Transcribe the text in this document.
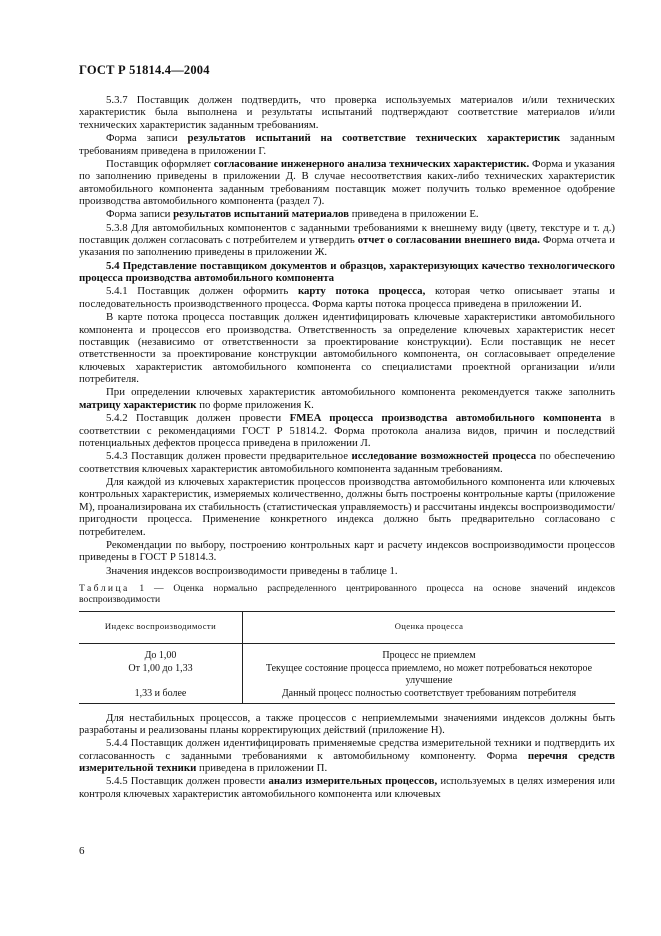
ГОСТ Р 51814.4—2004

5.3.7 Поставщик должен подтвердить, что проверка используемых материалов и/или технических характеристик была выполнена и результаты испытаний подтверждают соответствие материалов и/или технических характеристик заданным требованиям.

Форма записи результатов испытаний на соответствие технических характеристик заданным требованиям приведена в приложении Г.

Поставщик оформляет согласование инженерного анализа технических характеристик. Форма и указания по заполнению приведены в приложении Д. В случае несоответствия каких-либо технических характеристик автомобильного компонента заданным требованиям поставщик может получить только временное одобрение производства автомобильного компонента (раздел 7).

Форма записи результатов испытаний материалов приведена в приложении Е.

5.3.8 Для автомобильных компонентов с заданными требованиями к внешнему виду (цвету, текстуре и т. д.) поставщик должен согласовать с потребителем и утвердить отчет о согласовании внешнего вида. Форма отчета и указания по заполнению приведены в приложении Ж.

5.4 Представление поставщиком документов и образцов, характеризующих качество технологического процесса производства автомобильного компонента

5.4.1 Поставщик должен оформить карту потока процесса, которая четко описывает этапы и последовательность производственного процесса. Форма карты потока процесса приведена в приложении И.

В карте потока процесса поставщик должен идентифицировать ключевые характеристики автомобильного компонента и процессов его производства. Ответственность за определение ключевых характеристик несет поставщик (независимо от ответственности за проектирование конструкции). Если поставщик не несет ответственности за проектирование конструкции автомобильного компонента, он согласовывает определение ключевых характеристик автомобильного компонента со специалистами проектной организации и/или потребителя.

При определении ключевых характеристик автомобильного компонента рекомендуется также заполнить матрицу характеристик по форме приложения К.

5.4.2 Поставщик должен провести FMEA процесса производства автомобильного компонента в соответствии с рекомендациями ГОСТ Р 51814.2. Форма протокола анализа видов, причин и последствий потенциальных дефектов процесса приведена в приложении Л.

5.4.3 Поставщик должен провести предварительное исследование возможностей процесса по обеспечению соответствия ключевых характеристик автомобильного компонента заданным требованиям.

Для каждой из ключевых характеристик процессов производства автомобильного компонента или ключевых контрольных характеристик, измеряемых количественно, должны быть построены контрольные карты (приложение М), проанализирована их стабильность (статистическая управляемость) и рассчитаны индексы воспроизводимости/пригодности процесса. Применение конкретного индекса должно быть предварительно согласовано с потребителем.

Рекомендации по выбору, построению контрольных карт и расчету индексов воспроизводимости процессов приведены в ГОСТ Р 51814.3.

Значения индексов воспроизводимости приведены в таблице 1.

Таблица 1 — Оценка нормально распределенного центрированного процесса на основе значений индексов воспроизводимости
Индекс воспроизводимости	Оценка процесса
До 1,00	Процесс не приемлем
От 1,00 до 1,33	Текущее состояние процесса приемлемо, но может потребоваться некоторое улучшение
1,33 и более	Данный процесс полностью соответствует требованиям потребителя

Для нестабильных процессов, а также процессов с неприемлемыми значениями индексов должны быть разработаны и реализованы планы корректирующих действий (приложение Н).

5.4.4 Поставщик должен идентифицировать применяемые средства измерительной техники и подтвердить их согласованность с заданными требованиями к автомобильному компоненту. Форма перечня средств измерительной техники приведена в приложении П.

5.4.5 Поставщик должен провести анализ измерительных процессов, используемых в целях измерения или контроля ключевых характеристик автомобильного компонента или ключевых

6
